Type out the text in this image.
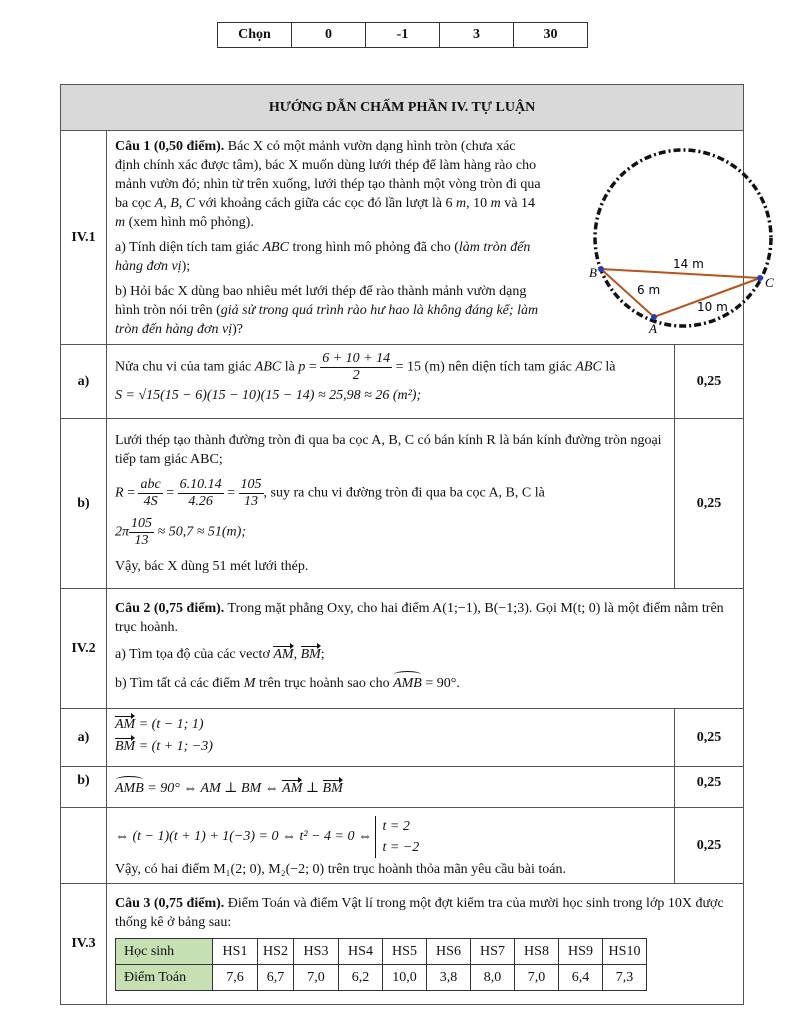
Chọn	0	-1	3	30
HƯỚNG DẪN CHẤM PHẦN IV. TỰ LUẬN
IV.1	

Câu 1 (0,50 điểm). Bác X có một mảnh vườn dạng hình tròn (chưa xác định chính xác được tâm), bác X muốn dùng lưới thép để làm hàng rào cho mảnh vườn đó; nhìn từ trên xuống, lưới thép tạo thành một vòng tròn đi qua ba cọc A, B, C với khoảng cách giữa các cọc đó lần lượt là 6 m, 10 m và 14 m (xem hình mô phỏng).

a) Tính diện tích tam giác ABC trong hình mô phỏng đã cho (làm tròn đến hàng đơn vị);

b) Hỏi bác X dùng bao nhiêu mét lưới thép để rào thành mảnh vườn dạng hình tròn nói trên (giả sử trong quá trình rào hư hao là không đáng kể; làm tròn đến hàng đơn vị)?

B
C
A
14 m
6 m
10 m

a)	

Nửa chu vi của tam giác ABC là $p = \frac{6 + 10 + 14}{2} = 15$ (m) nên diện tích tam giác ABC là

S = √15(15 − 6)(15 − 10)(15 − 14) ≈ 25,98 ≈ 26 (m²);

	0,25
b)	

Lưới thép tạo thành đường tròn đi qua ba cọc A, B, C có bán kính R là bán kính đường tròn ngoại tiếp tam giác ABC;

$R = \frac{\text{abc}}{4S} = \frac{6.10.14}{4.26} = \frac{105}{13}$ , suy ra chu vi đường tròn đi qua ba cọc A, B, C là

$2\pi \frac{105}{13} \approx 50,7 \approx 51(m)$;

Vậy, bác X dùng 51 mét lưới thép.

	0,25
IV.2	

Câu 2 (0,75 điểm). Trong mặt phẳng Oxy, cho hai điểm A(1;−1), B(−1;3). Gọi M(t; 0) là một điểm nằm trên trục hoành.

a) Tìm tọa độ của các vectơ AM, BM;

b) Tìm tất cả các điểm M trên trục hoành sao cho AMB = 90°.

a)	

AM = (t − 1; 1)

BM = (t + 1; −3)

	0,25
b)	

AMB = 90° ⇔ AM ⊥ BM ⇔ AM ⊥ BM	0,25

⇔ (t − 1)(t + 1) + 1(−3) = 0 ⇔ t² − 4 = 0 ⇔
t = 2
t = −2

Vậy, có hai điểm M₁(2; 0), M₂(−2; 0) trên trục hoành thỏa mãn yêu cầu bài toán.

	0,25
IV.3	

Câu 3 (0,75 điểm). Điểm Toán và điểm Vật lí trong một đợt kiểm tra của mười học sinh trong lớp 10X được thống kê ở bảng sau:

Học sinh	HS1	HS2	HS3	HS4	HS5	HS6	HS7	HS8	HS9	HS10
Điểm Toán	7,6	6,7	7,0	6,2	10,0	3,8	8,0	7,0	6,4	7,3
